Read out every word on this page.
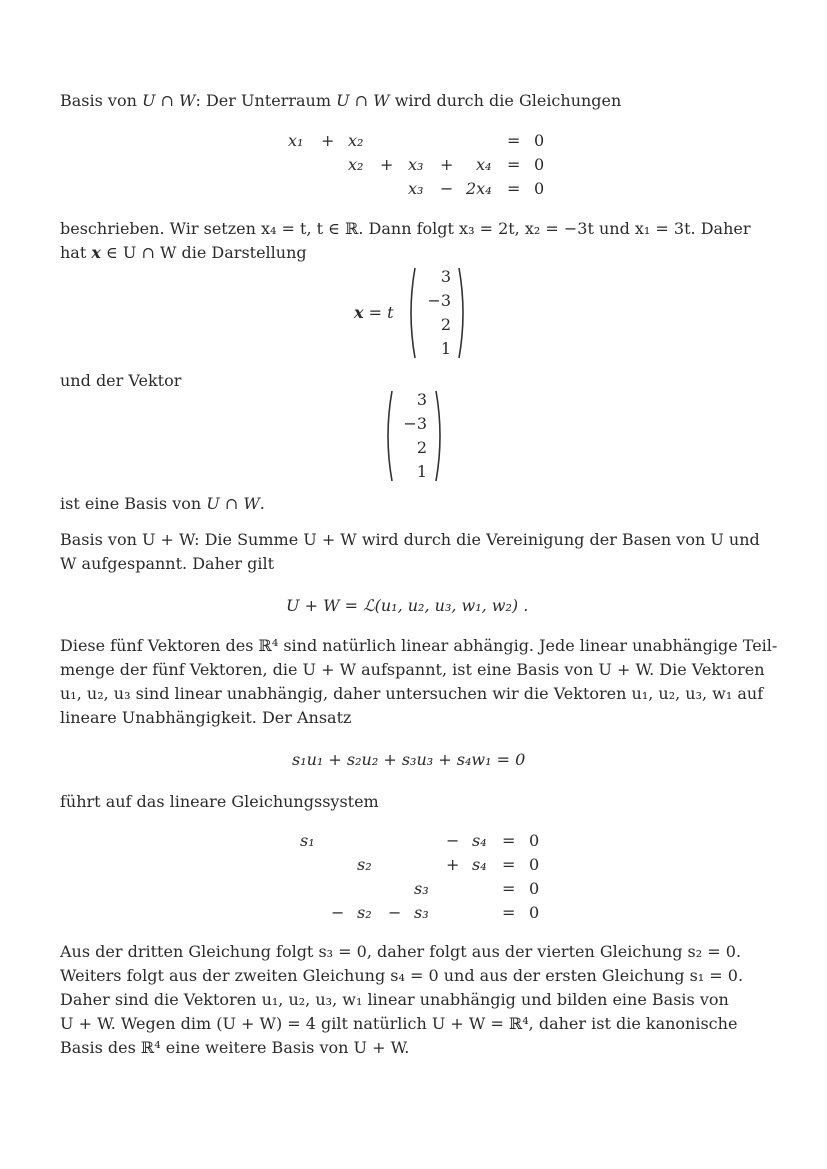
Basis von U ∩ W: Der Unterraum U ∩ W wird durch die Gleichungen

x₁ + x₂	= 0
x₂ + x₃ + x₄ = 0
x₃ − 2x₄ = 0

beschrieben. Wir setzen x₄ = t, t ∈ ℝ. Dann folgt x₃ = 2t, x₂ = −3t und x₁ = 3t. Daher
hat x ∈ U ∩ W die Darstellung

x = t
3
−3
2
1

und der Vektor

3
−3
2
1

ist eine Basis von U ∩ W.

Basis von U + W: Die Summe U + W wird durch die Vereinigung der Basen von U und
W aufgespannt. Daher gilt

U + W = ℒ(u₁, u₂, u₃, w₁, w₂) .

Diese fünf Vektoren des ℝ⁴ sind natürlich linear abhängig. Jede linear unabhängige Teil-
menge der fünf Vektoren, die U + W aufspannt, ist eine Basis von U + W. Die Vektoren
u₁, u₂, u₃ sind linear unabhängig, daher untersuchen wir die Vektoren u₁, u₂, u₃, w₁ auf
lineare Unabhängigkeit. Der Ansatz

s₁u₁ + s₂u₂ + s₃u₃ + s₄w₁ = 0

führt auf das lineare Gleichungssystem

s₁	− s₄ = 0
s₂	+ s₄ = 0
s₃	= 0
− s₂ − s₃	= 0

Aus der dritten Gleichung folgt s₃ = 0, daher folgt aus der vierten Gleichung s₂ = 0.
Weiters folgt aus der zweiten Gleichung s₄ = 0 und aus der ersten Gleichung s₁ = 0.
Daher sind die Vektoren u₁, u₂, u₃, w₁ linear unabhängig und bilden eine Basis von
U + W. Wegen dim (U + W) = 4 gilt natürlich U + W = ℝ⁴, daher ist die kanonische
Basis des ℝ⁴ eine weitere Basis von U + W.
